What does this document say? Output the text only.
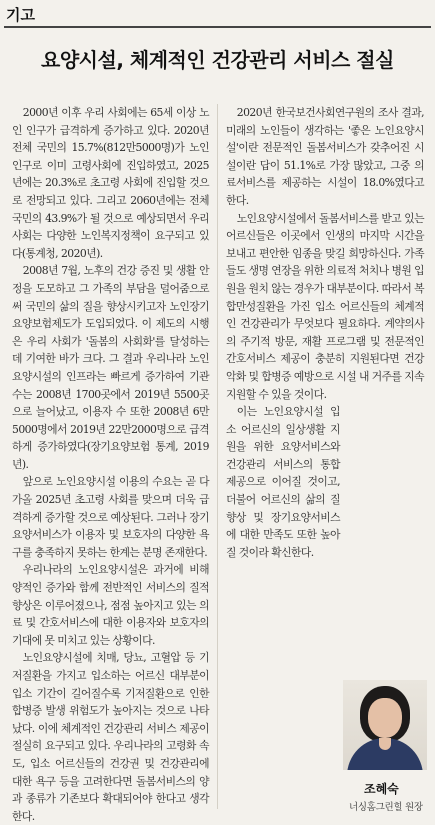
기고
요양시설, 체계적인 건강관리 서비스 절실

2000년 이후 우리 사회에는 65세 이상 노인 인구가 급격하게 증가하고 있다. 2020년 전체 국민의 15.7%(812만5000명)가 노인 인구로 이미 고령사회에 진입하였고, 2025년에는 20.3%로 초고령 사회에 진입할 것으로 전망되고 있다. 그리고 2060년에는 전체 국민의 43.9%가 될 것으로 예상되면서 우리 사회는 다양한 노인복지정책이 요구되고 있다(통계청, 2020년).

2008년 7월, 노후의 건강 증진 및 생활 안정을 도모하고 그 가족의 부담을 덜어줌으로써 국민의 삶의 질을 향상시키고자 노인장기요양보험제도가 도입되었다. 이 제도의 시행은 우리 사회가 '돌봄의 사회화'를 달성하는 데 기여한 바가 크다. 그 결과 우리나라 노인요양시설의 인프라는 빠르게 증가하여 기관 수는 2008년 1700곳에서 2019년 5500곳으로 늘어났고, 이용자 수 또한 2008년 6만 5000명에서 2019년 22만2000명으로 급격하게 증가하였다(장기요양보험 통계, 2019년).

앞으로 노인요양시설 이용의 수요는 곧 다가올 2025년 초고령 사회를 맞으며 더욱 급격하게 증가할 것으로 예상된다. 그러나 장기요양서비스가 이용자 및 보호자의 다양한 욕구를 충족하지 못하는 한계는 분명 존재한다.

우리나라의 노인요양시설은 과거에 비해 양적인 증가와 함께 전반적인 서비스의 질적 향상은 이루어졌으나, 점점 높아지고 있는 의료 및 간호서비스에 대한 이용자와 보호자의 기대에 못 미치고 있는 상황이다.

노인요양시설에 치매, 당뇨, 고혈압 등 기저질환을 가지고 입소하는 어르신 대부분이 입소 기간이 길어질수록 기저질환으로 인한 합병증 발생 위험도가 높아지는 것으로 나타났다. 이에 체계적인 건강관리 서비스 제공이 절실히 요구되고 있다. 우리나라의 고령화 속도, 입소 어르신들의 건강권 및 건강관리에 대한 욕구 등을 고려한다면 돌봄서비스의 양과 종류가 기존보다 확대되어야 한다고 생각한다.

2020년 한국보건사회연구원의 조사 결과, 미래의 노인들이 생각하는 '좋은 노인요양시설'이란 전문적인 돌봄서비스가 갖추어진 시설이란 답이 51.1%로 가장 많았고, 그중 의료서비스를 제공하는 시설이 18.0%였다고 한다.

노인요양시설에서 돌봄서비스를 받고 있는 어르신들은 이곳에서 인생의 마지막 시간을 보내고 편안한 임종을 맞길 희망하신다. 가족들도 생명 연장을 위한 의료적 처치나 병원 입원을 원치 않는 경우가 대부분이다. 따라서 복합만성질환을 가진 입소 어르신들의 체계적인 건강관리가 무엇보다 필요하다. 계약의사의 주기적 방문, 재활 프로그램 및 전문적인 간호서비스 제공이 충분히 지원된다면 건강악화 및 합병증 예방으로 시설 내 거주를 지속 지원할 수 있을 것이다.

이는 노인요양시설 입소 어르신의 일상생활 지원을 위한 요양서비스와 건강관리 서비스의 통합 제공으로 이어질 것이고, 더불어 어르신의 삶의 질 향상 및 장기요양서비스에 대한 만족도 또한 높아질 것이라 확신한다.

조혜숙
너싱홈그린힐 원장
